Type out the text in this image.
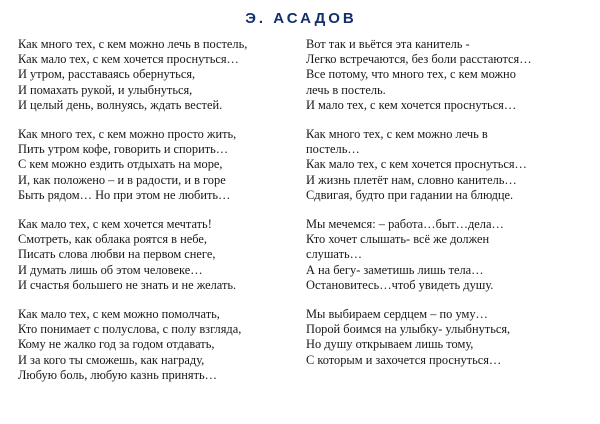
Э. АСАДОВ
Как много тех, с кем можно лечь в постель,
Как мало тех, с кем хочется проснуться…
И утром, расставаясь обернуться,
И помахать рукой, и улыбнуться,
И целый день, волнуясь, ждать вестей.
Как много тех, с кем можно просто жить,
Пить утром кофе, говорить и спорить…
С кем можно ездить отдыхать на море,
И, как положено – и в радости, и в горе
Быть рядом… Но при этом не любить…
Как мало тех, с кем хочется мечтать!
Смотреть, как облака роятся в небе,
Писать слова любви на первом снеге,
И думать лишь об этом человеке…
И счастья большего не знать и не желать.
Как мало тех, с кем можно помолчать,
Кто понимает с полуслова, с полу взгляда,
Кому не жалко год за годом отдавать,
И за кого ты сможешь, как награду,
Любую боль, любую казнь принять…
Вот так и вьётся эта канитель -
Легко встречаются, без боли расстаются…
Все потому, что много тех, с кем можно
лечь в постель.
И мало тех, с кем хочется проснуться…
Как много тех, с кем можно лечь в
постель…
Как мало тех, с кем хочется проснуться…
И жизнь плетёт нам, словно канитель…
Сдвигая, будто при гадании на блюдце.
Мы мечемся: – работа…быт…дела…
Кто хочет слышать- всё же должен
слушать…
А на бегу- заметишь лишь тела…
Остановитесь…чтоб увидеть душу.
Мы выбираем сердцем – по уму…
Порой боимся на улыбку- улыбнуться,
Но душу открываем лишь тому,
С которым и захочется проснуться…
